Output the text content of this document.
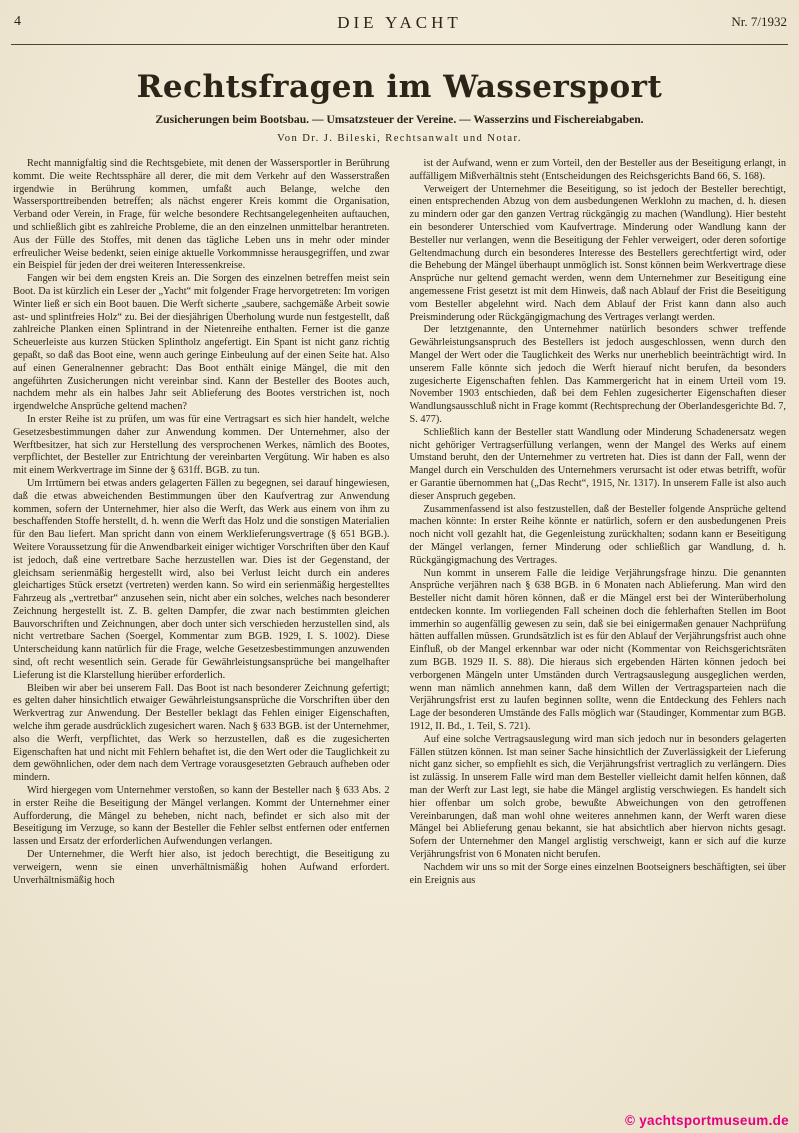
4	DIE YACHT	Nr. 7/1932
Rechtsfragen im Wassersport

Zusicherungen beim Bootsbau. — Umsatzsteuer der Vereine. — Wasserzins und Fischereiabgaben.

Von Dr. J. Bileski, Rechtsanwalt und Notar.

Recht mannigfaltig sind die Rechtsgebiete, mit denen der Wassersportler in Berührung kommt. Die weite Rechtssphäre all derer, die mit dem Verkehr auf den Wasserstraßen irgendwie in Berührung kommen, umfaßt auch Belange, welche den Wassersporttreibenden betreffen; als nächst engerer Kreis kommt die Organisation, Verband oder Verein, in Frage, für welche besondere Rechtsangelegenheiten auftauchen, und schließlich gibt es zahlreiche Probleme, die an den einzelnen unmittelbar herantreten. Aus der Fülle des Stoffes, mit denen das tägliche Leben uns in mehr oder minder erfreulicher Weise bedenkt, seien einige aktuelle Vorkommnisse herausgegriffen, und zwar ein Beispiel für jeden der drei weiteren Interessenkreise.

Fangen wir bei dem engsten Kreis an. Die Sorgen des einzelnen betreffen meist sein Boot. Da ist kürzlich ein Leser der „Yacht“ mit folgender Frage hervorgetreten: Im vorigen Winter ließ er sich ein Boot bauen. Die Werft sicherte „saubere, sachgemäße Arbeit sowie ast- und splintfreies Holz“ zu. Bei der diesjährigen Überholung wurde nun festgestellt, daß zahlreiche Planken einen Splintrand in der Nietenreihe enthalten. Ferner ist die ganze Scheuerleiste aus kurzen Stücken Splintholz angefertigt. Ein Spant ist nicht ganz richtig gepaßt, so daß das Boot eine, wenn auch geringe Einbeulung auf der einen Seite hat. Also auf einen Generalnenner gebracht: Das Boot enthält einige Mängel, die mit den angeführten Zusicherungen nicht vereinbar sind. Kann der Besteller des Bootes auch, nachdem mehr als ein halbes Jahr seit Ablieferung des Bootes verstrichen ist, noch irgendwelche Ansprüche geltend machen?

In erster Reihe ist zu prüfen, um was für eine Vertragsart es sich hier handelt, welche Gesetzesbestimmungen daher zur Anwendung kommen. Der Unternehmer, also der Werftbesitzer, hat sich zur Herstellung des versprochenen Werkes, nämlich des Bootes, verpflichtet, der Besteller zur Entrichtung der vereinbarten Vergütung. Wir haben es also mit einem Werkvertrage im Sinne der § 631ff. BGB. zu tun.

Um Irrtümern bei etwas anders gelagerten Fällen zu begegnen, sei darauf hingewiesen, daß die etwas abweichenden Bestimmungen über den Kaufvertrag zur Anwendung kommen, sofern der Unternehmer, hier also die Werft, das Werk aus einem von ihm zu beschaffenden Stoffe herstellt, d. h. wenn die Werft das Holz und die sonstigen Materialien für den Bau liefert. Man spricht dann von einem Werklieferungsvertrage (§ 651 BGB.). Weitere Voraussetzung für die Anwendbarkeit einiger wichtiger Vorschriften über den Kauf ist jedoch, daß eine vertretbare Sache herzustellen war. Dies ist der Gegenstand, der gleichsam serienmäßig hergestellt wird, also bei Verlust leicht durch ein anderes gleichartiges Stück ersetzt (vertreten) werden kann. So wird ein serienmäßig hergestelltes Fahrzeug als „vertretbar“ anzusehen sein, nicht aber ein solches, welches nach besonderer Zeichnung hergestellt ist. Z. B. gelten Dampfer, die zwar nach bestimmten gleichen Bauvorschriften und Zeichnungen, aber doch unter sich verschieden herzustellen sind, als nicht vertretbare Sachen (Soergel, Kommentar zum BGB. 1929, I. S. 1002). Diese Unterscheidung kann natürlich für die Frage, welche Gesetzesbestimmungen anzuwenden sind, oft recht wesentlich sein. Gerade für Gewährleistungsansprüche bei mangelhafter Lieferung ist die Klarstellung hierüber erforderlich.

Bleiben wir aber bei unserem Fall. Das Boot ist nach besonderer Zeichnung gefertigt; es gelten daher hinsichtlich etwaiger Gewährleistungsansprüche die Vorschriften über den Werkvertrag zur Anwendung. Der Besteller beklagt das Fehlen einiger Eigenschaften, welche ihm gerade ausdrücklich zugesichert waren. Nach § 633 BGB. ist der Unternehmer, also die Werft, verpflichtet, das Werk so herzustellen, daß es die zugesicherten Eigenschaften hat und nicht mit Fehlern behaftet ist, die den Wert oder die Tauglichkeit zu dem gewöhnlichen, oder dem nach dem Vertrage vorausgesetzten Gebrauch aufheben oder mindern.

Wird hiergegen vom Unternehmer verstoßen, so kann der Besteller nach § 633 Abs. 2 in erster Reihe die Beseitigung der Mängel verlangen. Kommt der Unternehmer einer Aufforderung, die Mängel zu beheben, nicht nach, befindet er sich also mit der Beseitigung im Verzuge, so kann der Besteller die Fehler selbst entfernen oder entfernen lassen und Ersatz der erforderlichen Aufwendungen verlangen.

Der Unternehmer, die Werft hier also, ist jedoch berechtigt, die Beseitigung zu verweigern, wenn sie einen unverhältnismäßig hohen Aufwand erfordert. Unverhältnismäßig hoch

ist der Aufwand, wenn er zum Vorteil, den der Besteller aus der Beseitigung erlangt, in auffälligem Mißverhältnis steht (Entscheidungen des Reichsgerichts Band 66, S. 168).

Verweigert der Unternehmer die Beseitigung, so ist jedoch der Besteller berechtigt, einen entsprechenden Abzug von dem ausbedungenen Werklohn zu machen, d. h. diesen zu mindern oder gar den ganzen Vertrag rückgängig zu machen (Wandlung). Hier besteht ein besonderer Unterschied vom Kaufvertrage. Minderung oder Wandlung kann der Besteller nur verlangen, wenn die Beseitigung der Fehler verweigert, oder deren sofortige Geltendmachung durch ein besonderes Interesse des Bestellers gerechtfertigt wird, oder die Behebung der Mängel überhaupt unmöglich ist. Sonst können beim Werkvertrage diese Ansprüche nur geltend gemacht werden, wenn dem Unternehmer zur Beseitigung eine angemessene Frist gesetzt ist mit dem Hinweis, daß nach Ablauf der Frist die Beseitigung vom Besteller abgelehnt wird. Nach dem Ablauf der Frist kann dann also auch Preisminderung oder Rückgängigmachung des Vertrages verlangt werden.

Der letztgenannte, den Unternehmer natürlich besonders schwer treffende Gewährleistungsanspruch des Bestellers ist jedoch ausgeschlossen, wenn durch den Mangel der Wert oder die Tauglichkeit des Werks nur unerheblich beeinträchtigt wird. In unserem Falle könnte sich jedoch die Werft hierauf nicht berufen, da besonders zugesicherte Eigenschaften fehlen. Das Kammergericht hat in einem Urteil vom 19. November 1903 entschieden, daß bei dem Fehlen zugesicherter Eigenschaften dieser Wandlungsausschluß nicht in Frage kommt (Rechtsprechung der Oberlandesgerichte Bd. 7, S. 477).

Schließlich kann der Besteller statt Wandlung oder Minderung Schadenersatz wegen nicht gehöriger Vertragserfüllung verlangen, wenn der Mangel des Werks auf einem Umstand beruht, den der Unternehmer zu vertreten hat. Dies ist dann der Fall, wenn der Mangel durch ein Verschulden des Unternehmers verursacht ist oder etwas betrifft, wofür er Garantie übernommen hat („Das Recht“, 1915, Nr. 1317). In unserem Falle ist also auch dieser Anspruch gegeben.

Zusammenfassend ist also festzustellen, daß der Besteller folgende Ansprüche geltend machen könnte: In erster Reihe könnte er natürlich, sofern er den ausbedungenen Preis noch nicht voll gezahlt hat, die Gegenleistung zurückhalten; sodann kann er Beseitigung der Mängel verlangen, ferner Minderung oder schließlich gar Wandlung, d. h. Rückgängigmachung des Vertrages.

Nun kommt in unserem Falle die leidige Verjährungsfrage hinzu. Die genannten Ansprüche verjähren nach § 638 BGB. in 6 Monaten nach Ablieferung. Man wird den Besteller nicht damit hören können, daß er die Mängel erst bei der Winterüberholung entdecken konnte. Im vorliegenden Fall scheinen doch die fehlerhaften Stellen im Boot immerhin so augenfällig gewesen zu sein, daß sie bei einigermaßen genauer Nachprüfung hätten auffallen müssen. Grundsätzlich ist es für den Ablauf der Verjährungsfrist auch ohne Einfluß, ob der Mangel erkennbar war oder nicht (Kommentar von Reichsgerichtsräten zum BGB. 1929 II. S. 88). Die hieraus sich ergebenden Härten können jedoch bei verborgenen Mängeln unter Umständen durch Vertragsauslegung ausgeglichen werden, wenn man nämlich annehmen kann, daß dem Willen der Vertragsparteien nach die Verjährungsfrist erst zu laufen beginnen sollte, wenn die Entdeckung des Fehlers nach Lage der besonderen Umstände des Falls möglich war (Staudinger, Kommentar zum BGB. 1912, II. Bd., 1. Teil, S. 721).

Auf eine solche Vertragsauslegung wird man sich jedoch nur in besonders gelagerten Fällen stützen können. Ist man seiner Sache hinsichtlich der Zuverlässigkeit der Lieferung nicht ganz sicher, so empfiehlt es sich, die Verjährungsfrist vertraglich zu verlängern. Dies ist zulässig. In unserem Falle wird man dem Besteller vielleicht damit helfen können, daß man der Werft zur Last legt, sie habe die Mängel arglistig verschwiegen. Es handelt sich hier offenbar um solch grobe, bewußte Abweichungen von den getroffenen Vereinbarungen, daß man wohl ohne weiteres annehmen kann, der Werft waren diese Mängel bei Ablieferung genau bekannt, sie hat absichtlich aber hiervon nichts gesagt. Sofern der Unternehmer den Mangel arglistig verschweigt, kann er sich auf die kurze Verjährungsfrist von 6 Monaten nicht berufen.

Nachdem wir uns so mit der Sorge eines einzelnen Bootseigners beschäftigten, sei über ein Ereignis aus

© yachtsportmuseum.de
